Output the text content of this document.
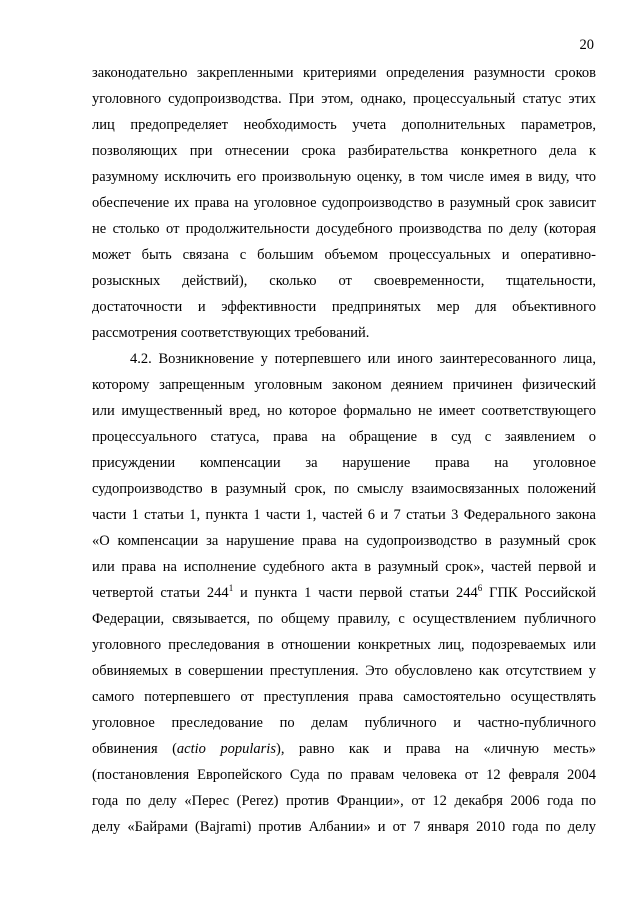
20
законодательно закрепленными критериями определения разумности сроков
уголовного судопроизводства. При этом, однако, процессуальный статус этих
лиц предопределяет необходимость учета дополнительных параметров,
позволяющих при отнесении срока разбирательства конкретного дела к
разумному исключить его произвольную оценку, в том числе имея в виду, что
обеспечение их права на уголовное судопроизводство в разумный срок зависит
не столько от продолжительности досудебного производства по делу (которая
может быть связана с большим объемом процессуальных и оперативно-
розыскных действий), сколько от своевременности, тщательности,
достаточности и эффективности предпринятых мер для объективного
рассмотрения соответствующих требований.
4.2. Возникновение у потерпевшего или иного заинтересованного лица,
которому запрещенным уголовным законом деянием причинен физический
или имущественный вред, но которое формально не имеет соответствующего
процессуального статуса, права на обращение в суд с заявлением о
присуждении компенсации за нарушение права на уголовное
судопроизводство в разумный срок, по смыслу взаимосвязанных положений
части 1 статьи 1, пункта 1 части 1, частей 6 и 7 статьи 3 Федерального закона
«О компенсации за нарушение права на судопроизводство в разумный срок
или права на исполнение судебного акта в разумный срок», частей первой и
четвертой статьи $244^1$ и пункта 1 части первой статьи $244^6$ ГПК Российской
Федерации, связывается, по общему правилу, с осуществлением публичного
уголовного преследования в отношении конкретных лиц, подозреваемых или
обвиняемых в совершении преступления. Это обусловлено как отсутствием у
самого потерпевшего от преступления права самостоятельно осуществлять
уголовное преследование по делам публичного и частно-публичного
обвинения (actio popularis), равно как и права на «личную месть»
(постановления Европейского Суда по правам человека от 12 февраля 2004
года по делу «Перес (Perez) против Франции», от 12 декабря 2006 года по
делу «Байрами (Bajrami) против Албании» и от 7 января 2010 года по делу
